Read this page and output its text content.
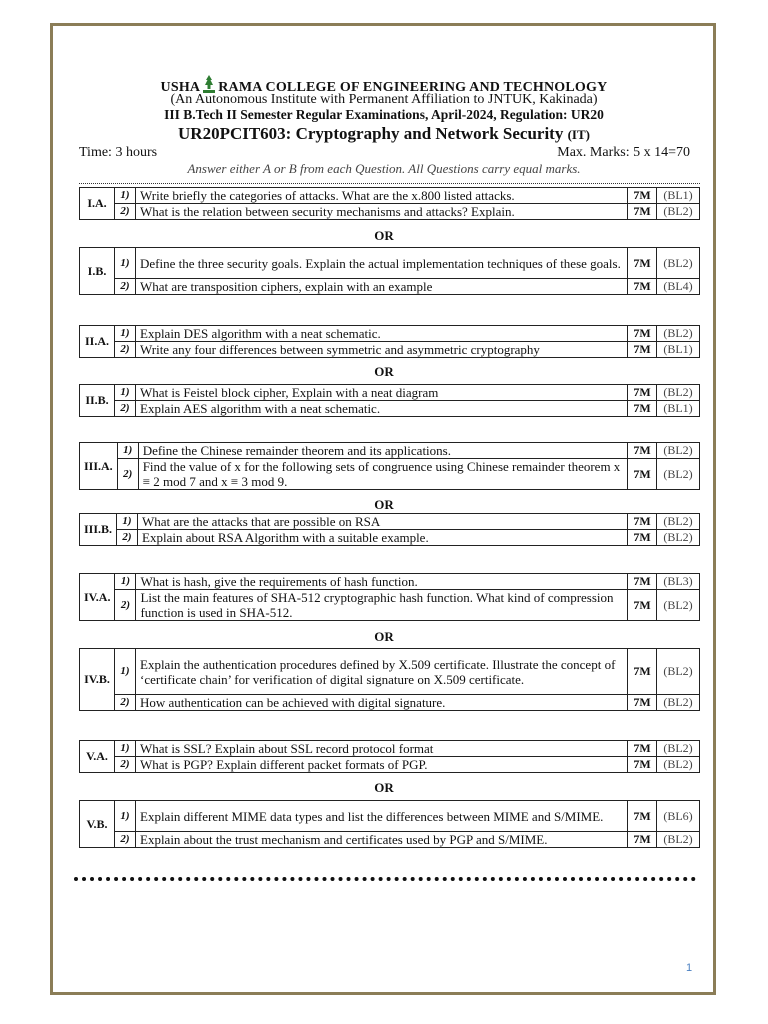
USHA RAMA COLLEGE OF ENGINEERING AND TECHNOLOGY
(An Autonomous Institute with Permanent Affiliation to JNTUK, Kakinada)
III B.Tech II Semester Regular Examinations, April-2024, Regulation: UR20
UR20PCIT603: Cryptography and Network Security (IT)
Time: 3 hours	Max. Marks: 5 x 14=70
Answer either A or B from each Question. All Questions carry equal marks.
I.A.	1)	Write briefly the categories of attacks. What are the x.800 listed attacks.	7M	(BL1)
	2)	What is the relation between security mechanisms and attacks? Explain.	7M	(BL2)
I.B.	1)	Define the three security goals. Explain the actual implementation techniques of these goals.	7M	(BL2)
	2)	What are transposition ciphers, explain with an example	7M	(BL4)
II.A.	1)	Explain DES algorithm with a neat schematic.	7M	(BL2)
	2)	Write any four differences between symmetric and asymmetric cryptography	7M	(BL1)
II.B.	1)	What is Feistel block cipher, Explain with a neat diagram	7M	(BL2)
	2)	Explain AES algorithm with a neat schematic.	7M	(BL1)
III.A.	1)	Define the Chinese remainder theorem and its applications.	7M	(BL2)
	2)	Find the value of x for the following sets of congruence using Chinese remainder theorem x ≡ 2 mod 7 and x ≡ 3 mod 9.	7M	(BL2)
III.B.	1)	What are the attacks that are possible on RSA	7M	(BL2)
	2)	Explain about RSA Algorithm with a suitable example.	7M	(BL2)
IV.A.	1)	What is hash, give the requirements of hash function.	7M	(BL3)
	2)	List the main features of SHA-512 cryptographic hash function. What kind of compression function is used in SHA-512.	7M	(BL2)
IV.B.	1)	Explain the authentication procedures defined by X.509 certificate. Illustrate the concept of ‘certificate chain’ for verification of digital signature on X.509 certificate.	7M	(BL2)
	2)	How authentication can be achieved with digital signature.	7M	(BL2)
V.A.	1)	What is SSL? Explain about SSL record protocol format	7M	(BL2)
	2)	What is PGP? Explain different packet formats of PGP.	7M	(BL2)
V.B.	1)	Explain different MIME data types and list the differences between MIME and S/MIME.	7M	(BL6)
	2)	Explain about the trust mechanism and certificates used by PGP and S/MIME.	7M	(BL2)
OR
OR
OR
OR
OR
1
